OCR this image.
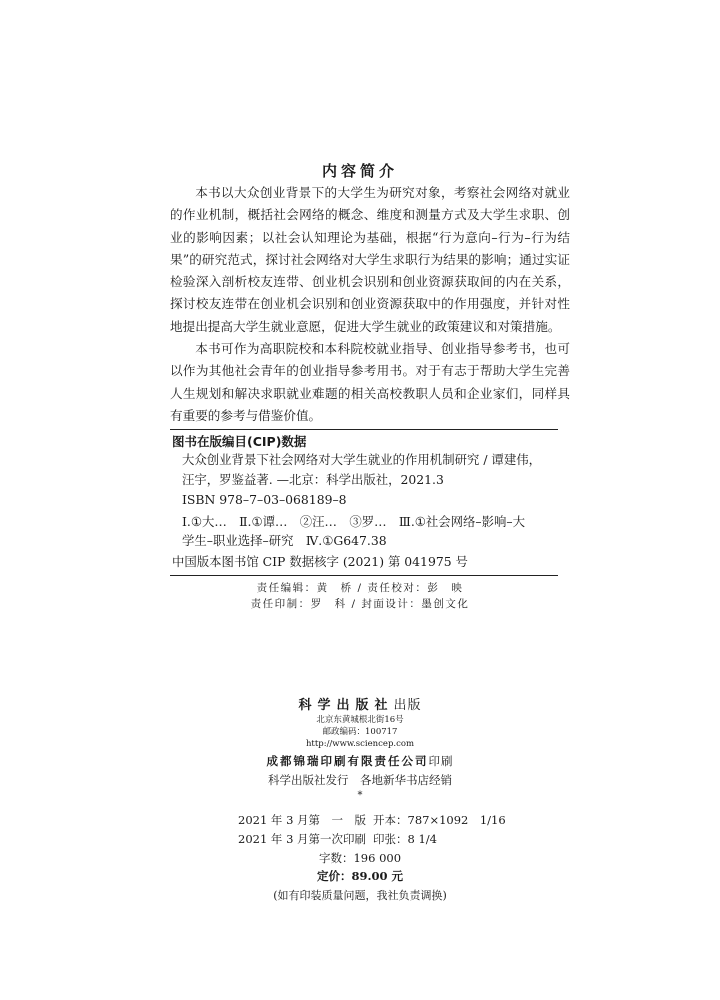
内容简介

本书以大众创业背景下的大学生为研究对象，考察社会网络对就业的作业机制，概括社会网络的概念、维度和测量方式及大学生求职、创业的影响因素；以社会认知理论为基础，根据“行为意向–行为–行为结果”的研究范式，探讨社会网络对大学生求职行为结果的影响；通过实证检验深入剖析校友连带、创业机会识别和创业资源获取间的内在关系，探讨校友连带在创业机会识别和创业资源获取中的作用强度，并针对性地提出提高大学生就业意愿，促进大学生就业的政策建议和对策措施。

本书可作为高职院校和本科院校就业指导、创业指导参考书，也可以作为其他社会青年的创业指导参考用书。对于有志于帮助大学生完善人生规划和解决求职就业难题的相关高校教职人员和企业家们，同样具有重要的参考与借鉴价值。

图书在版编目(CIP)数据
大众创业背景下社会网络对大学生就业的作用机制研究 / 谭建伟，
汪宇，罗鉴益著. —北京：科学出版社，2021.3
ISBN 978–7–03–068189–8
Ⅰ.①大…　Ⅱ.①谭…　②汪…　③罗…　Ⅲ.①社会网络–影响–大
学生–职业选择–研究　Ⅳ.①G647.38
中国版本图书馆 CIP 数据核字 (2021) 第 041975 号
责任编辑：黄　桥 / 责任校对：彭　映
责任印制：罗　科 / 封面设计：墨创文化
科学出版社出版
北京东黄城根北街16号
邮政编码：100717
http://www.sciencep.com
成都锦瑞印刷有限责任公司印刷
科学出版社发行　各地新华书店经销
*
2021 年 3 月第　一　版 开本：787×1092　1/16
2021 年 3 月第一次印刷 印张：8 1/4
字数：196 000
定价：89.00 元
(如有印装质量问题，我社负责调换)
